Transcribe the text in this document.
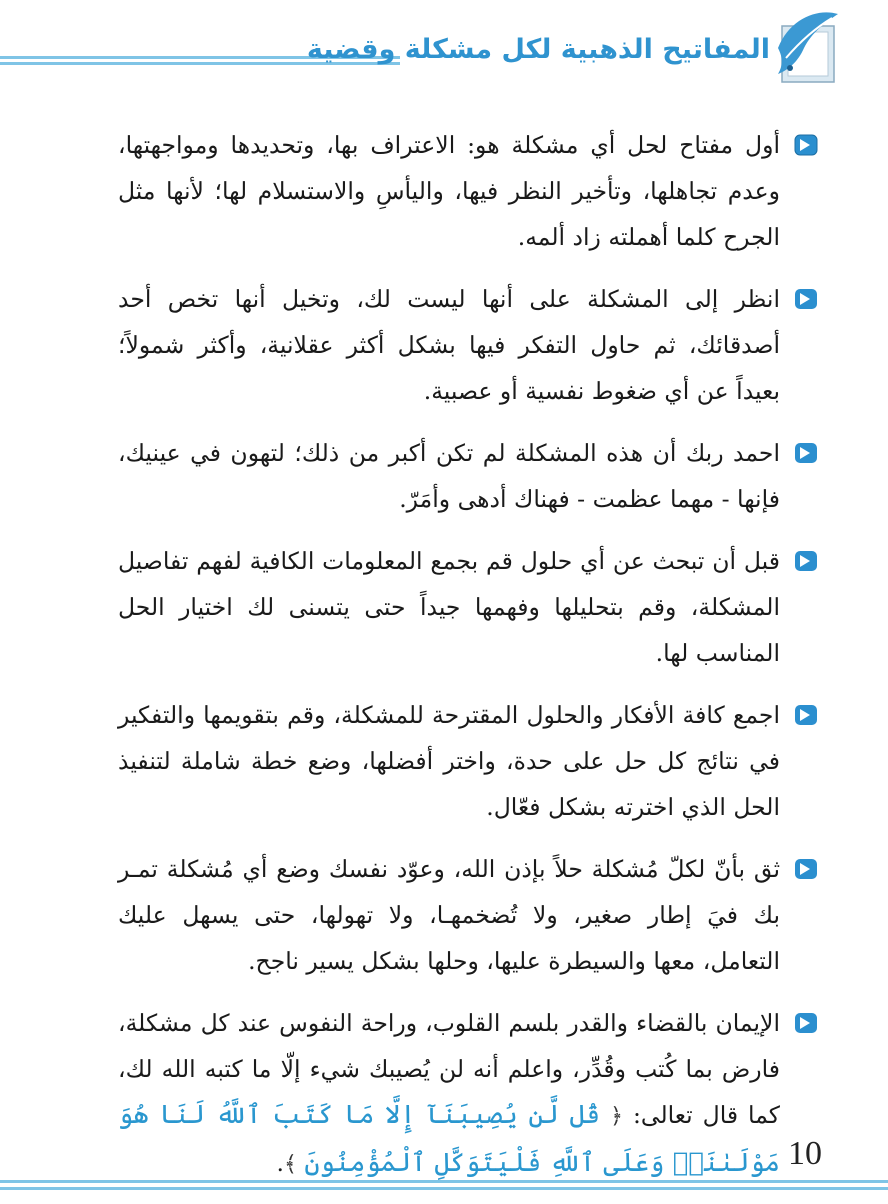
المفاتيح الذهبية لكل مشكلة وقضية
أول مفتاح لحل أي مشكلة هو: الاعتراف بها، وتحديدها ومواجهتها، وعدم تجاهلها، وتأخير النظر فيها، واليأسِ والاستسلام لها؛ لأنها مثل الجرح كلما أهملته زاد ألمه.
انظر إلى المشكلة على أنها ليست لك، وتخيل أنها تخص أحد أصدقائك، ثم حاول التفكر فيها بشكل أكثر عقلانية، وأكثر شمولاً؛ بعيداً عن أي ضغوط نفسية أو عصبية.
احمد ربك أن هذه المشكلة لم تكن أكبر من ذلك؛ لتهون في عينيك، فإنها - مهما عظمت - فهناك أدهى وأمَرّ.
قبل أن تبحث عن أي حلول قم بجمع المعلومات الكافية لفهم تفاصيل المشكلة، وقم بتحليلها وفهمها جيداً حتى يتسنى لك اختيار الحل المناسب لها.
اجمع كافة الأفكار والحلول المقترحة للمشكلة، وقم بتقويمها والتفكير في نتائج كل حل على حدة، واختر أفضلها، وضع خطة شاملة لتنفيذ الحل الذي اخترته بشكل فعّال.
ثق بأنّ لكلّ مُشكلة حلاً بإذن الله، وعوّد نفسك وضع أي مُشكلة تمـر بك فيَ إطار صغير، ولا تُضخمهـا، ولا تهولها، حتى يسهل عليك التعامل، معها والسيطرة عليها، وحلها بشكل يسير ناجح.
الإيمان بالقضاء والقدر بلسم القلوب، وراحة النفوس عند كل مشكلة، فارض بما كُتب وقُدِّر، واعلم أنه لن يُصيبك شيء إلّا ما كتبه الله لك، كما قال تعالى: ﴿ قُل لَّن يُصِيبَنَآ إِلَّا مَا كَتَبَ ٱللَّهُ لَنَا هُوَ مَوْلَىٰنَاۚ وَعَلَى ٱللَّهِ فَلْيَتَوَكَّلِ ٱلْمُؤْمِنُونَ ﴾.	10
